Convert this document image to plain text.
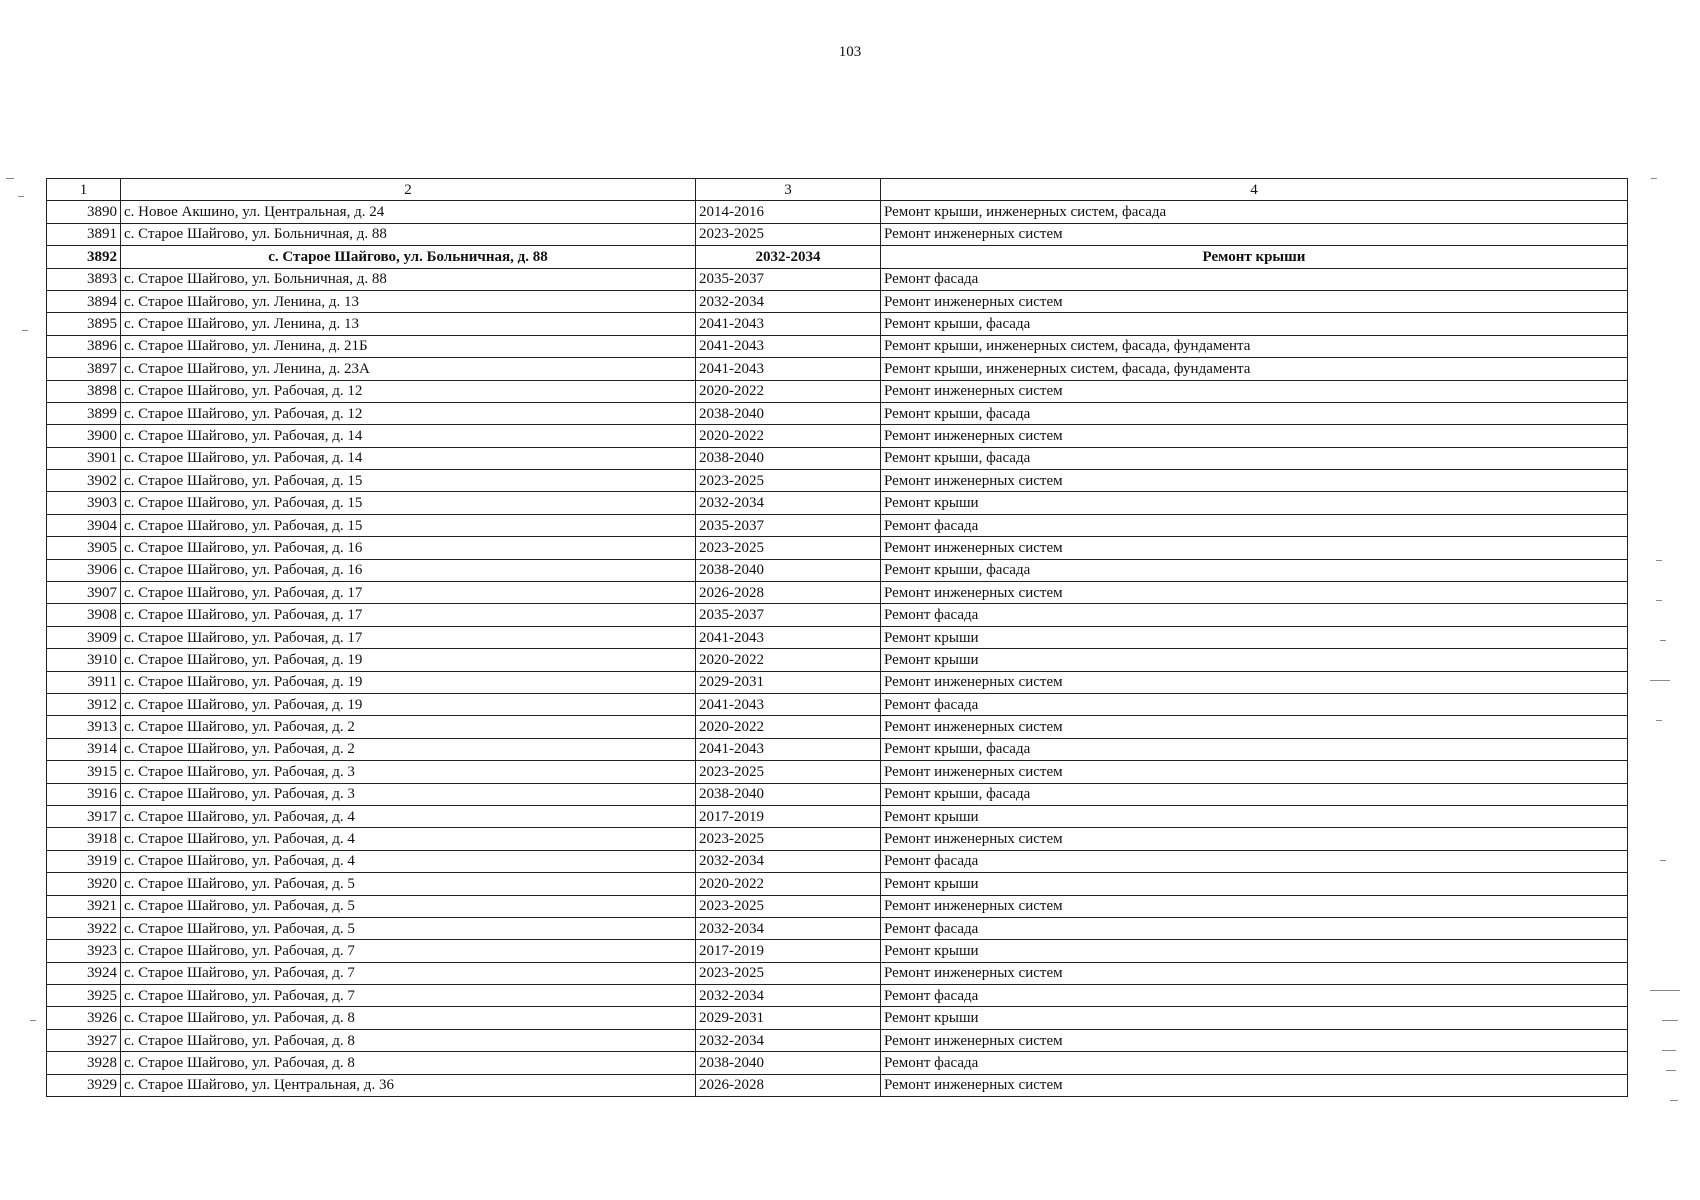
103
1	2	3	4
3890	с. Новое Акшино, ул. Центральная, д. 24	2014-2016	Ремонт крыши, инженерных систем, фасада
3891	с. Старое Шайгово, ул. Больничная, д. 88	2023-2025	Ремонт инженерных систем
3892	с. Старое Шайгово, ул. Больничная, д. 88	2032-2034	Ремонт крыши
3893	с. Старое Шайгово, ул. Больничная, д. 88	2035-2037	Ремонт фасада
3894	с. Старое Шайгово, ул. Ленина, д. 13	2032-2034	Ремонт инженерных систем
3895	с. Старое Шайгово, ул. Ленина, д. 13	2041-2043	Ремонт крыши, фасада
3896	с. Старое Шайгово, ул. Ленина, д. 21Б	2041-2043	Ремонт крыши, инженерных систем, фасада, фундамента
3897	с. Старое Шайгово, ул. Ленина, д. 23А	2041-2043	Ремонт крыши, инженерных систем, фасада, фундамента
3898	с. Старое Шайгово, ул. Рабочая, д. 12	2020-2022	Ремонт инженерных систем
3899	с. Старое Шайгово, ул. Рабочая, д. 12	2038-2040	Ремонт крыши, фасада
3900	с. Старое Шайгово, ул. Рабочая, д. 14	2020-2022	Ремонт инженерных систем
3901	с. Старое Шайгово, ул. Рабочая, д. 14	2038-2040	Ремонт крыши, фасада
3902	с. Старое Шайгово, ул. Рабочая, д. 15	2023-2025	Ремонт инженерных систем
3903	с. Старое Шайгово, ул. Рабочая, д. 15	2032-2034	Ремонт крыши
3904	с. Старое Шайгово, ул. Рабочая, д. 15	2035-2037	Ремонт фасада
3905	с. Старое Шайгово, ул. Рабочая, д. 16	2023-2025	Ремонт инженерных систем
3906	с. Старое Шайгово, ул. Рабочая, д. 16	2038-2040	Ремонт крыши, фасада
3907	с. Старое Шайгово, ул. Рабочая, д. 17	2026-2028	Ремонт инженерных систем
3908	с. Старое Шайгово, ул. Рабочая, д. 17	2035-2037	Ремонт фасада
3909	с. Старое Шайгово, ул. Рабочая, д. 17	2041-2043	Ремонт крыши
3910	с. Старое Шайгово, ул. Рабочая, д. 19	2020-2022	Ремонт крыши
3911	с. Старое Шайгово, ул. Рабочая, д. 19	2029-2031	Ремонт инженерных систем
3912	с. Старое Шайгово, ул. Рабочая, д. 19	2041-2043	Ремонт фасада
3913	с. Старое Шайгово, ул. Рабочая, д. 2	2020-2022	Ремонт инженерных систем
3914	с. Старое Шайгово, ул. Рабочая, д. 2	2041-2043	Ремонт крыши, фасада
3915	с. Старое Шайгово, ул. Рабочая, д. 3	2023-2025	Ремонт инженерных систем
3916	с. Старое Шайгово, ул. Рабочая, д. 3	2038-2040	Ремонт крыши, фасада
3917	с. Старое Шайгово, ул. Рабочая, д. 4	2017-2019	Ремонт крыши
3918	с. Старое Шайгово, ул. Рабочая, д. 4	2023-2025	Ремонт инженерных систем
3919	с. Старое Шайгово, ул. Рабочая, д. 4	2032-2034	Ремонт фасада
3920	с. Старое Шайгово, ул. Рабочая, д. 5	2020-2022	Ремонт крыши
3921	с. Старое Шайгово, ул. Рабочая, д. 5	2023-2025	Ремонт инженерных систем
3922	с. Старое Шайгово, ул. Рабочая, д. 5	2032-2034	Ремонт фасада
3923	с. Старое Шайгово, ул. Рабочая, д. 7	2017-2019	Ремонт крыши
3924	с. Старое Шайгово, ул. Рабочая, д. 7	2023-2025	Ремонт инженерных систем
3925	с. Старое Шайгово, ул. Рабочая, д. 7	2032-2034	Ремонт фасада
3926	с. Старое Шайгово, ул. Рабочая, д. 8	2029-2031	Ремонт крыши
3927	с. Старое Шайгово, ул. Рабочая, д. 8	2032-2034	Ремонт инженерных систем
3928	с. Старое Шайгово, ул. Рабочая, д. 8	2038-2040	Ремонт фасада
3929	с. Старое Шайгово, ул. Центральная, д. 36	2026-2028	Ремонт инженерных систем
